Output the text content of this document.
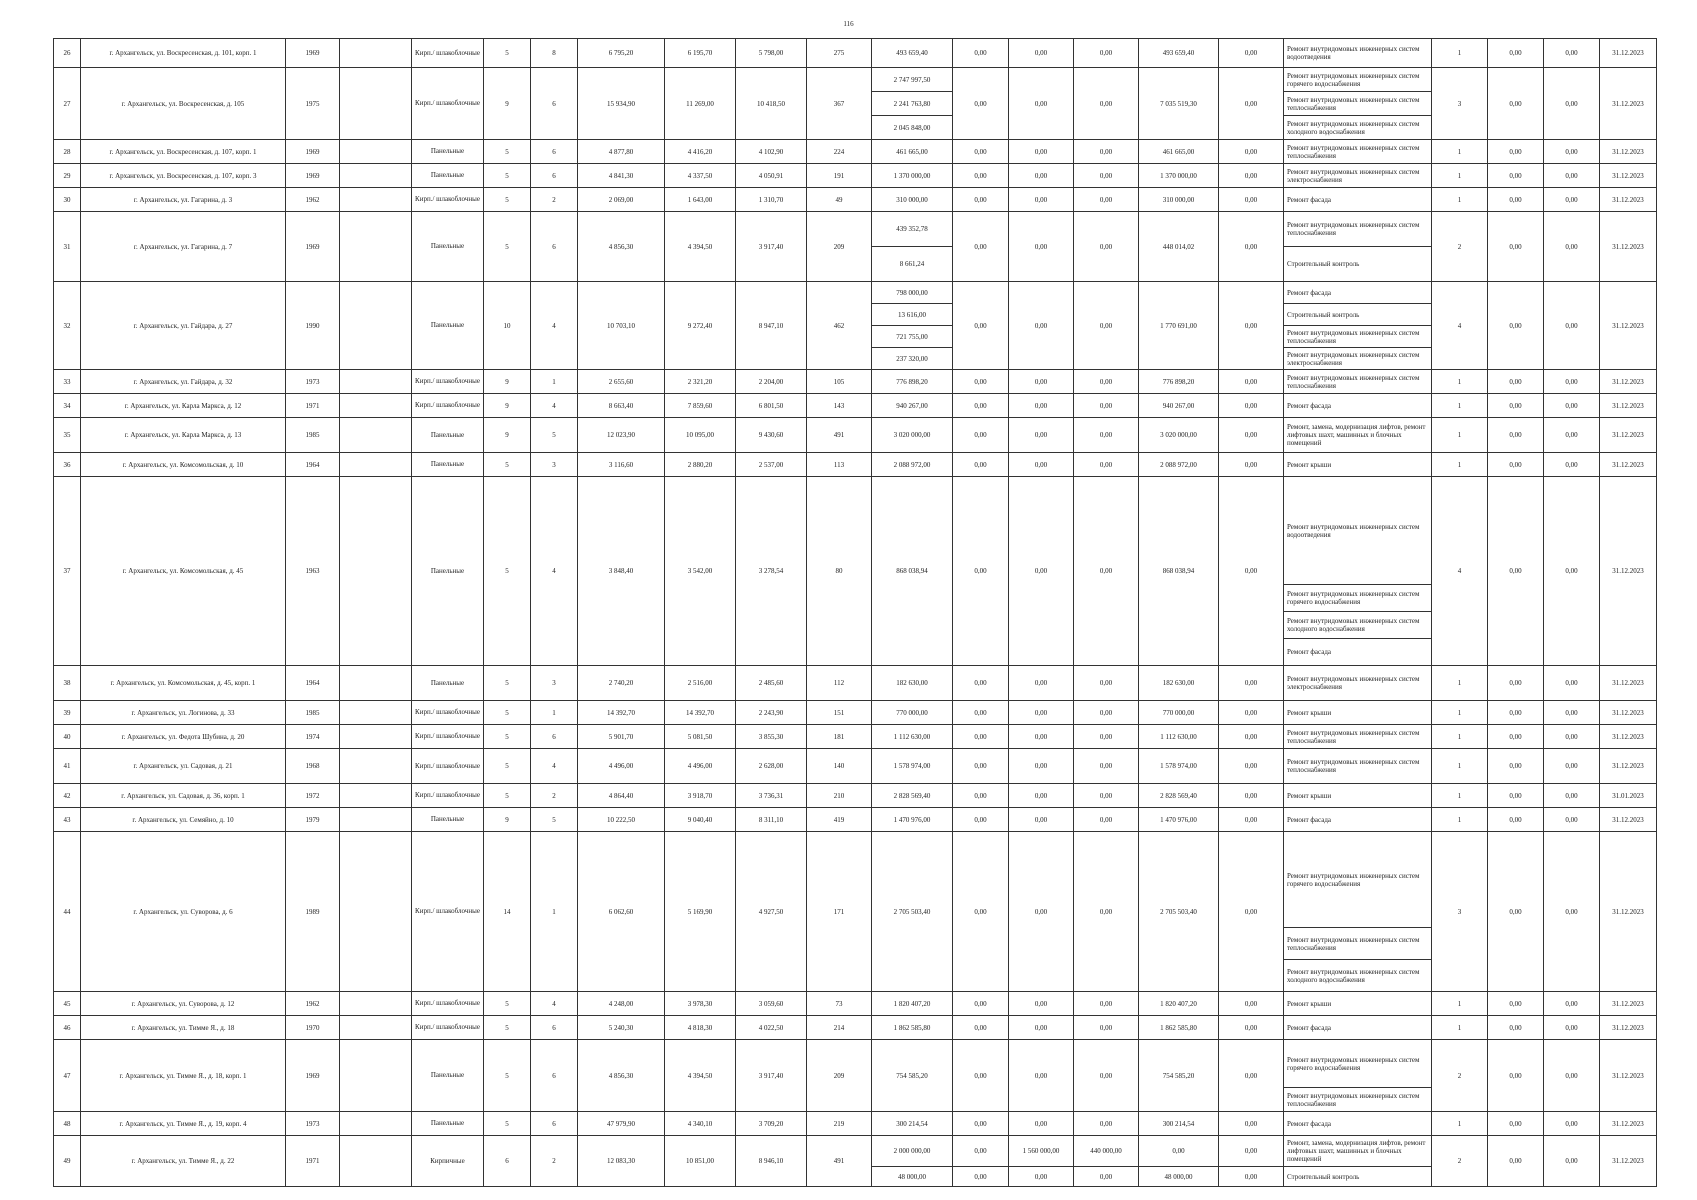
116
26	г. Архангельск, ул. Воскресенская, д. 101, корп. 1	1969		Кирп./ шлакоблочные	5	8	6 795,20	6 195,70	5 798,00	275	493 659,40	0,00	0,00	0,00	493 659,40	0,00	Ремонт внутридомовых инженерных систем водоотведения	1	0,00	0,00	31.12.2023
27	г. Архангельск, ул. Воскресенская, д. 105	1975		Кирп./ шлакоблочные	9	6	15 934,90	11 269,00	10 418,50	367	2 747 997,50	0,00	0,00	0,00	7 035 519,30	0,00	Ремонт внутридомовых инженерных систем горячего водоснабжения	3	0,00	0,00	31.12.2023
											2 241 763,80						Ремонт внутридомовых инженерных систем теплоснабжения				
											2 045 848,00						Ремонт внутридомовых инженерных систем холодного водоснабжения				
28	г. Архангельск, ул. Воскресенская, д. 107, корп. 1	1969		Панельные	5	6	4 877,80	4 416,20	4 102,90	224	461 665,00	0,00	0,00	0,00	461 665,00	0,00	Ремонт внутридомовых инженерных систем теплоснабжения	1	0,00	0,00	31.12.2023
29	г. Архангельск, ул. Воскресенская, д. 107, корп. 3	1969		Панельные	5	6	4 841,30	4 337,50	4 050,91	191	1 370 000,00	0,00	0,00	0,00	1 370 000,00	0,00	Ремонт внутридомовых инженерных систем электроснабжения	1	0,00	0,00	31.12.2023
30	г. Архангельск, ул. Гагарина, д. 3	1962		Кирп./ шлакоблочные	5	2	2 069,00	1 643,00	1 310,70	49	310 000,00	0,00	0,00	0,00	310 000,00	0,00	Ремонт фасада	1	0,00	0,00	31.12.2023
31	г. Архангельск, ул. Гагарина, д. 7	1969		Панельные	5	6	4 856,30	4 394,50	3 917,40	209	439 352,78	0,00	0,00	0,00	448 014,02	0,00	Ремонт внутридомовых инженерных систем теплоснабжения	2	0,00	0,00	31.12.2023
											8 661,24						Строительный контроль				
32	г. Архангельск, ул. Гайдара, д. 27	1990		Панельные	10	4	10 703,10	9 272,40	8 947,10	462	798 000,00	0,00	0,00	0,00	1 770 691,00	0,00	Ремонт фасада	4	0,00	0,00	31.12.2023
											13 616,00						Строительный контроль				
											721 755,00						Ремонт внутридомовых инженерных систем теплоснабжения				
											237 320,00						Ремонт внутридомовых инженерных систем электроснабжения				
33	г. Архангельск, ул. Гайдара, д. 32	1973		Кирп./ шлакоблочные	9	1	2 655,60	2 321,20	2 204,00	105	776 898,20	0,00	0,00	0,00	776 898,20	0,00	Ремонт внутридомовых инженерных систем теплоснабжения	1	0,00	0,00	31.12.2023
34	г. Архангельск, ул. Карла Маркса, д. 12	1971		Кирп./ шлакоблочные	9	4	8 663,40	7 859,60	6 801,50	143	940 267,00	0,00	0,00	0,00	940 267,00	0,00	Ремонт фасада	1	0,00	0,00	31.12.2023
35	г. Архангельск, ул. Карла Маркса, д. 13	1985		Панельные	9	5	12 023,90	10 095,00	9 430,60	491	3 020 000,00	0,00	0,00	0,00	3 020 000,00	0,00	Ремонт, замена, модернизация лифтов, ремонт лифтовых шахт, машинных и блочных помещений	1	0,00	0,00	31.12.2023
36	г. Архангельск, ул. Комсомольская, д. 10	1964		Панельные	5	3	3 116,60	2 880,20	2 537,00	113	2 088 972,00	0,00	0,00	0,00	2 088 972,00	0,00	Ремонт крыши	1	0,00	0,00	31.12.2023
37	г. Архангельск, ул. Комсомольская, д. 45	1963		Панельные	5	4	3 848,40	3 542,00	3 278,54	80	868 038,94	0,00	0,00	0,00	868 038,94	0,00	Ремонт внутридомовых инженерных систем водоотведения	4	0,00	0,00	31.12.2023
																	Ремонт внутридомовых инженерных систем горячего водоснабжения				
																	Ремонт внутридомовых инженерных систем холодного водоснабжения				
																	Ремонт фасада				
38	г. Архангельск, ул. Комсомольская, д. 45, корп. 1	1964		Панельные	5	3	2 740,20	2 516,00	2 485,60	112	182 630,00	0,00	0,00	0,00	182 630,00	0,00	Ремонт внутридомовых инженерных систем электроснабжения	1	0,00	0,00	31.12.2023
39	г. Архангельск, ул. Логинова, д. 33	1985		Кирп./ шлакоблочные	5	1	14 392,70	14 392,70	2 243,90	151	770 000,00	0,00	0,00	0,00	770 000,00	0,00	Ремонт крыши	1	0,00	0,00	31.12.2023
40	г. Архангельск, ул. Федота Шубина, д. 20	1974		Кирп./ шлакоблочные	5	6	5 901,70	5 081,50	3 855,30	181	1 112 630,00	0,00	0,00	0,00	1 112 630,00	0,00	Ремонт внутридомовых инженерных систем теплоснабжения	1	0,00	0,00	31.12.2023
41	г. Архангельск, ул. Садовая, д. 21	1968		Кирп./ шлакоблочные	5	4	4 496,00	4 496,00	2 628,00	140	1 578 974,00	0,00	0,00	0,00	1 578 974,00	0,00	Ремонт внутридомовых инженерных систем теплоснабжения	1	0,00	0,00	31.12.2023
42	г. Архангельск, ул. Садовая, д. 36, корп. 1	1972		Кирп./ шлакоблочные	5	2	4 864,40	3 918,70	3 736,31	210	2 828 569,40	0,00	0,00	0,00	2 828 569,40	0,00	Ремонт крыши	1	0,00	0,00	31.01.2023
43	г. Архангельск, ул. Семяйно, д. 10	1979		Панельные	9	5	10 222,50	9 040,40	8 311,10	419	1 470 976,00	0,00	0,00	0,00	1 470 976,00	0,00	Ремонт фасада	1	0,00	0,00	31.12.2023
44	г. Архангельск, ул. Суворова, д. 6	1989		Кирп./ шлакоблочные	14	1	6 062,60	5 169,90	4 927,50	171	2 705 503,40	0,00	0,00	0,00	2 705 503,40	0,00	Ремонт внутридомовых инженерных систем горячего водоснабжения	3	0,00	0,00	31.12.2023
																	Ремонт внутридомовых инженерных систем теплоснабжения				
																	Ремонт внутридомовых инженерных систем холодного водоснабжения				
45	г. Архангельск, ул. Суворова, д. 12	1962		Кирп./ шлакоблочные	5	4	4 248,00	3 978,30	3 059,60	73	1 820 407,20	0,00	0,00	0,00	1 820 407,20	0,00	Ремонт крыши	1	0,00	0,00	31.12.2023
46	г. Архангельск, ул. Тимме Я., д. 18	1970		Кирп./ шлакоблочные	5	6	5 240,30	4 818,30	4 022,50	214	1 862 585,80	0,00	0,00	0,00	1 862 585,80	0,00	Ремонт фасада	1	0,00	0,00	31.12.2023
47	г. Архангельск, ул. Тимме Я., д. 18, корп. 1	1969		Панельные	5	6	4 856,30	4 394,50	3 917,40	209	754 585,20	0,00	0,00	0,00	754 585,20	0,00	Ремонт внутридомовых инженерных систем горячего водоснабжения	2	0,00	0,00	31.12.2023
																	Ремонт внутридомовых инженерных систем теплоснабжения				
48	г. Архангельск, ул. Тимме Я., д. 19, корп. 4	1973		Панельные	5	6	47 979,90	4 340,10	3 709,20	219	300 214,54	0,00	0,00	0,00	300 214,54	0,00	Ремонт фасада	1	0,00	0,00	31.12.2023
49	г. Архангельск, ул. Тимме Я., д. 22	1971		Кирпичные	6	2	12 083,30	10 851,00	8 946,10	491	2 000 000,00	0,00	1 560 000,00	440 000,00	0,00	0,00	Ремонт, замена, модернизация лифтов, ремонт лифтовых шахт, машинных и блочных помещений	2	0,00	0,00	31.12.2023
											48 000,00	0,00	0,00	0,00	48 000,00	0,00	Строительный контроль				
